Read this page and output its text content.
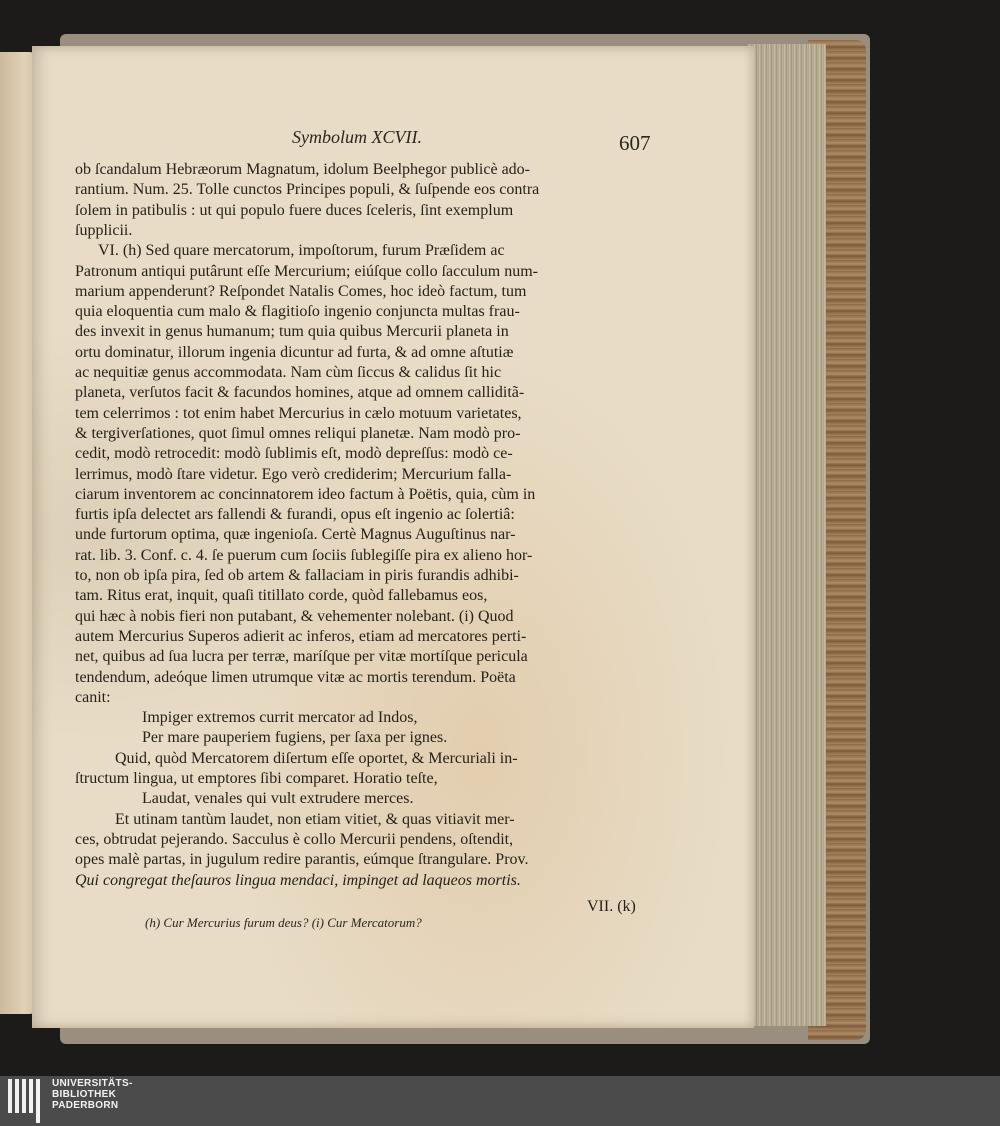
Symbolum XCVII.	607
ob ſcandalum Hebræorum Magnatum, idolum Beelphegor publicè ado-
rantium. Num. 25. Tolle cunctos Principes populi, & ſuſpende eos contra
ſolem in patibulis : ut qui populo fuere duces ſceleris, ſint exemplum
ſupplicii.
VI. (h) Sed quare mercatorum, impoſtorum, furum Præſidem ac
Patronum antiqui putârunt eſſe Mercurium; eiúſque collo ſacculum num-
marium appenderunt? Reſpondet Natalis Comes, hoc ideò factum, tum
quia eloquentia cum malo & flagitioſo ingenio conjuncta multas frau-
des invexit in genus humanum; tum quia quibus Mercurii planeta in
ortu dominatur, illorum ingenia dicuntur ad furta, & ad omne aſtutiæ
ac nequitiæ genus accommodata. Nam cùm ſiccus & calidus ſit hic
planeta, verſutos facit & facundos homines, atque ad omnem calliditã-
tem celerrimos : tot enim habet Mercurius in cælo motuum varietates,
& tergiverſationes, quot ſimul omnes reliqui planetæ. Nam modò pro-
cedit, modò retrocedit: modò ſublimis eſt, modò depreſſus: modò ce-
lerrimus, modò ſtare videtur. Ego verò crediderim; Mercurium falla-
ciarum inventorem ac concinnatorem ideo factum à Poëtis, quia, cùm in
furtis ipſa delectet ars fallendi & furandi, opus eſt ingenio ac ſolertiâ:
unde furtorum optima, quæ ingenioſa. Certè Magnus Auguſtinus nar-
rat. lib. 3. Conf. c. 4. ſe puerum cum ſociis ſublegiſſe pira ex alieno hor-
to, non ob ipſa pira, ſed ob artem & fallaciam in piris furandis adhibi-
tam. Ritus erat, inquit, quaſi titillato corde, quòd fallebamus eos,
qui hæc à nobis fieri non putabant, & vehementer nolebant. (i) Quod
autem Mercurius Superos adierit ac inferos, etiam ad mercatores perti-
net, quibus ad ſua lucra per terræ, maríſque per vitæ mortíſque pericula
tendendum, adeóque limen utrumque vitæ ac mortis terendum. Poëta
canit:
Impiger extremos currit mercator ad Indos,
Per mare pauperiem fugiens, per ſaxa per ignes.
Quid, quòd Mercatorem diſertum eſſe oportet, & Mercuriali in-
ſtructum lingua, ut emptores ſibi comparet. Horatio teſte,
Laudat, venales qui vult extrudere merces.
Et utinam tantùm laudet, non etiam vitiet, & quas vitiavit mer-
ces, obtrudat pejerando. Sacculus è collo Mercurii pendens, oſtendit,
opes malè partas, in jugulum redire parantis, eúmque ſtrangulare. Prov.
Qui congregat theſauros lingua mendaci, impinget ad laqueos mortis.
VII. (k)
(h) Cur Mercurius furum deus? (i) Cur Mercatorum?
UNIVERSITÄTS-
BIBLIOTHEK
PADERBORN
